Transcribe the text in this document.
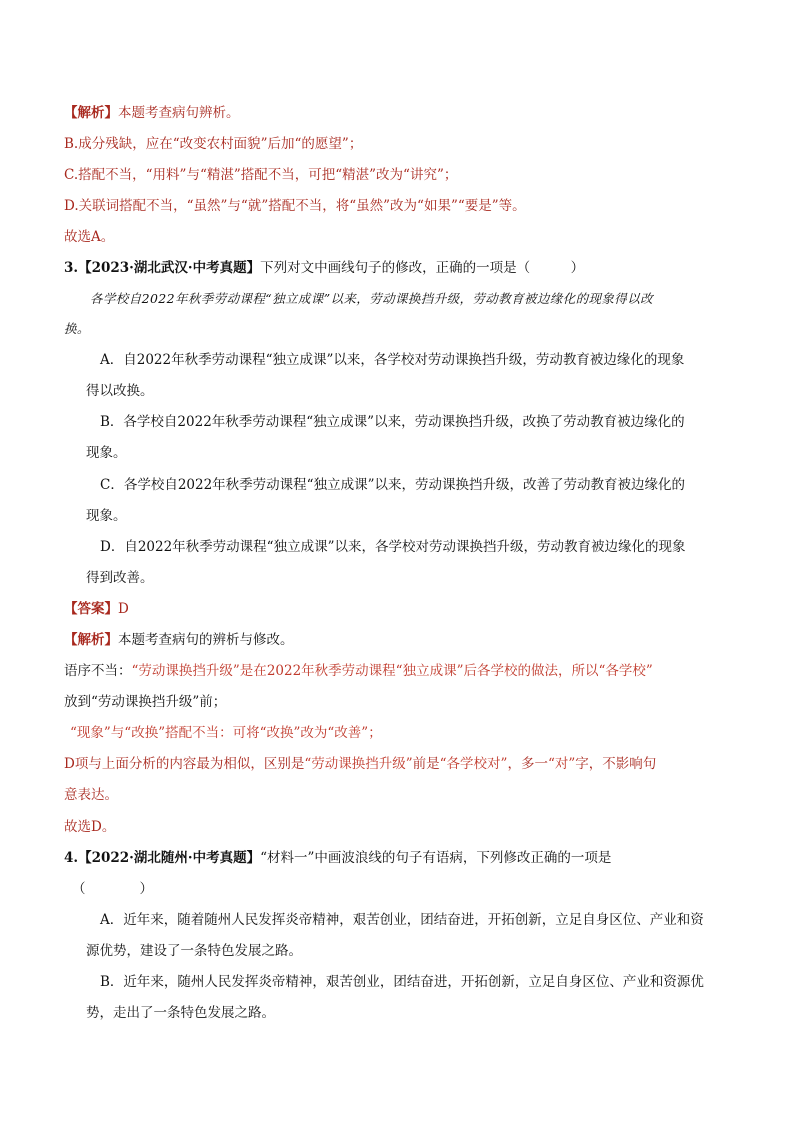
【解析】本题考查病句辨析。
B.成分残缺，应在“改变农村面貌”后加“的愿望”；
C.搭配不当，“用料”与“精湛”搭配不当，可把“精湛”改为“讲究”；
D.关联词搭配不当，“虽然”与“就”搭配不当，将“虽然”改为“如果”“要是”等。
故选A。
3.【2023·湖北武汉·中考真题】下列对文中画线句子的修改，正确的一项是（　　　）
各学校自2022年秋季劳动课程“独立成课”以来，劳动课换挡升级，劳动教育被边缘化的现象得以改
换。
A．自2022年秋季劳动课程“独立成课”以来，各学校对劳动课换挡升级，劳动教育被边缘化的现象
得以改换。
B．各学校自2022年秋季劳动课程“独立成课”以来，劳动课换挡升级，改换了劳动教育被边缘化的
现象。
C．各学校自2022年秋季劳动课程“独立成课”以来，劳动课换挡升级，改善了劳动教育被边缘化的
现象。
D．自2022年秋季劳动课程“独立成课”以来，各学校对劳动课换挡升级，劳动教育被边缘化的现象
得到改善。
【答案】D
【解析】本题考查病句的辨析与修改。
语序不当：“劳动课换挡升级”是在2022年秋季劳动课程“独立成课”后各学校的做法，所以“各学校”
放到“劳动课换挡升级”前；
“现象”与“改换”搭配不当：可将“改换”改为“改善”；
D项与上面分析的内容最为相似，区别是“劳动课换挡升级”前是“各学校对”，多一“对”字，不影响句
意表达。
故选D。
4.【2022·湖北随州·中考真题】“材料一”中画波浪线的句子有语病，下列修改正确的一项是
（　　　　）
A．近年来，随着随州人民发挥炎帝精神，艰苦创业，团结奋进，开拓创新，立足自身区位、产业和资
源优势，建设了一条特色发展之路。
B．近年来，随州人民发挥炎帝精神，艰苦创业，团结奋进，开拓创新，立足自身区位、产业和资源优
势，走出了一条特色发展之路。
